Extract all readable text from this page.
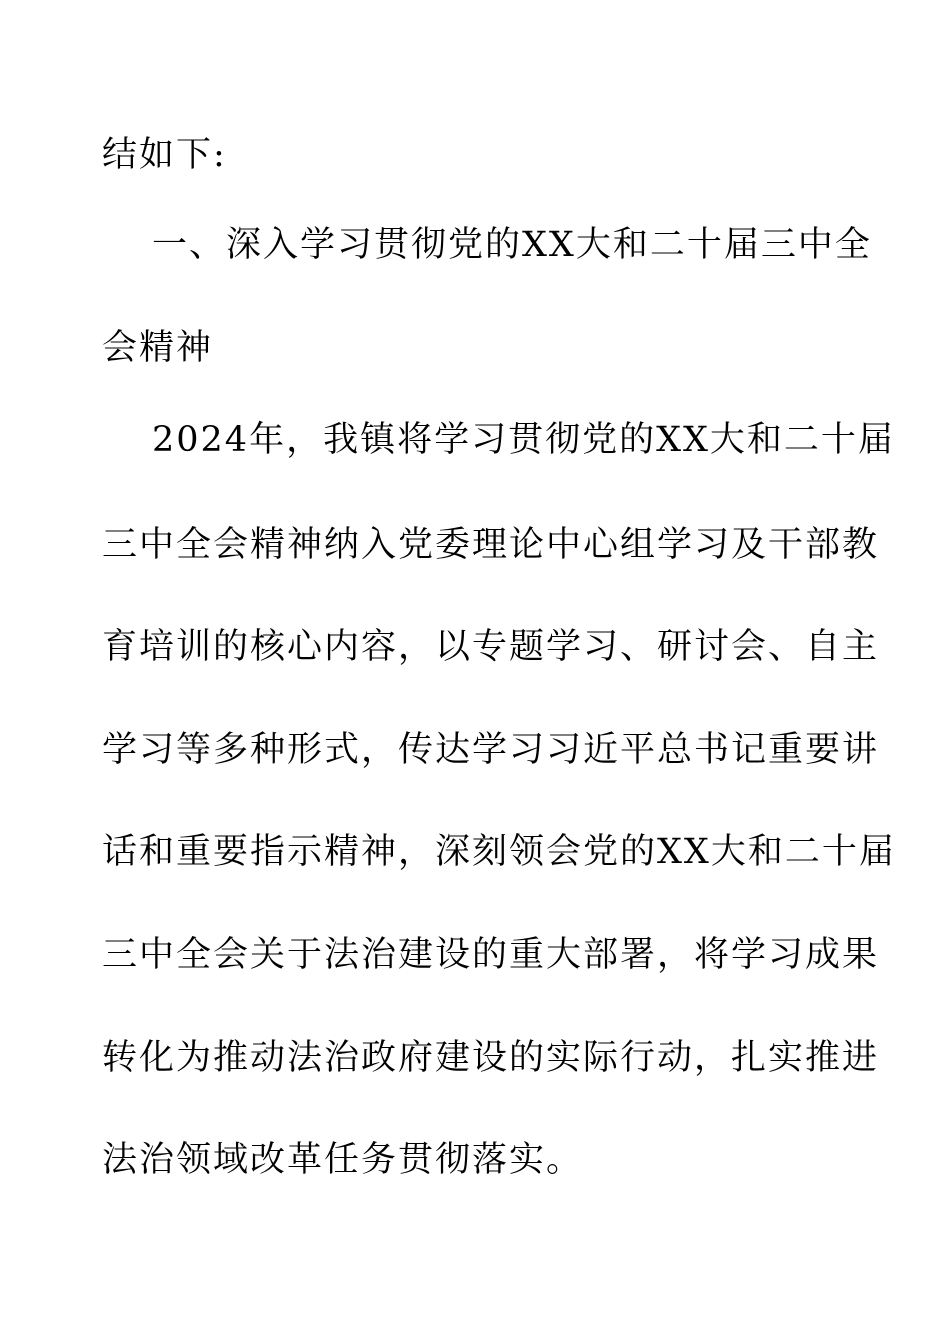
结如下:
一、深入学习贯彻党的XX大和二十届三中全
会精神
2024年，我镇将学习贯彻党的XX大和二十届
三中全会精神纳入党委理论中心组学习及干部教
育培训的核心内容，以专题学习、研讨会、自主
学习等多种形式，传达学习习近平总书记重要讲
话和重要指示精神，深刻领会党的XX大和二十届
三中全会关于法治建设的重大部署，将学习成果
转化为推动法治政府建设的实际行动，扎实推进
法治领域改革任务贯彻落实。
